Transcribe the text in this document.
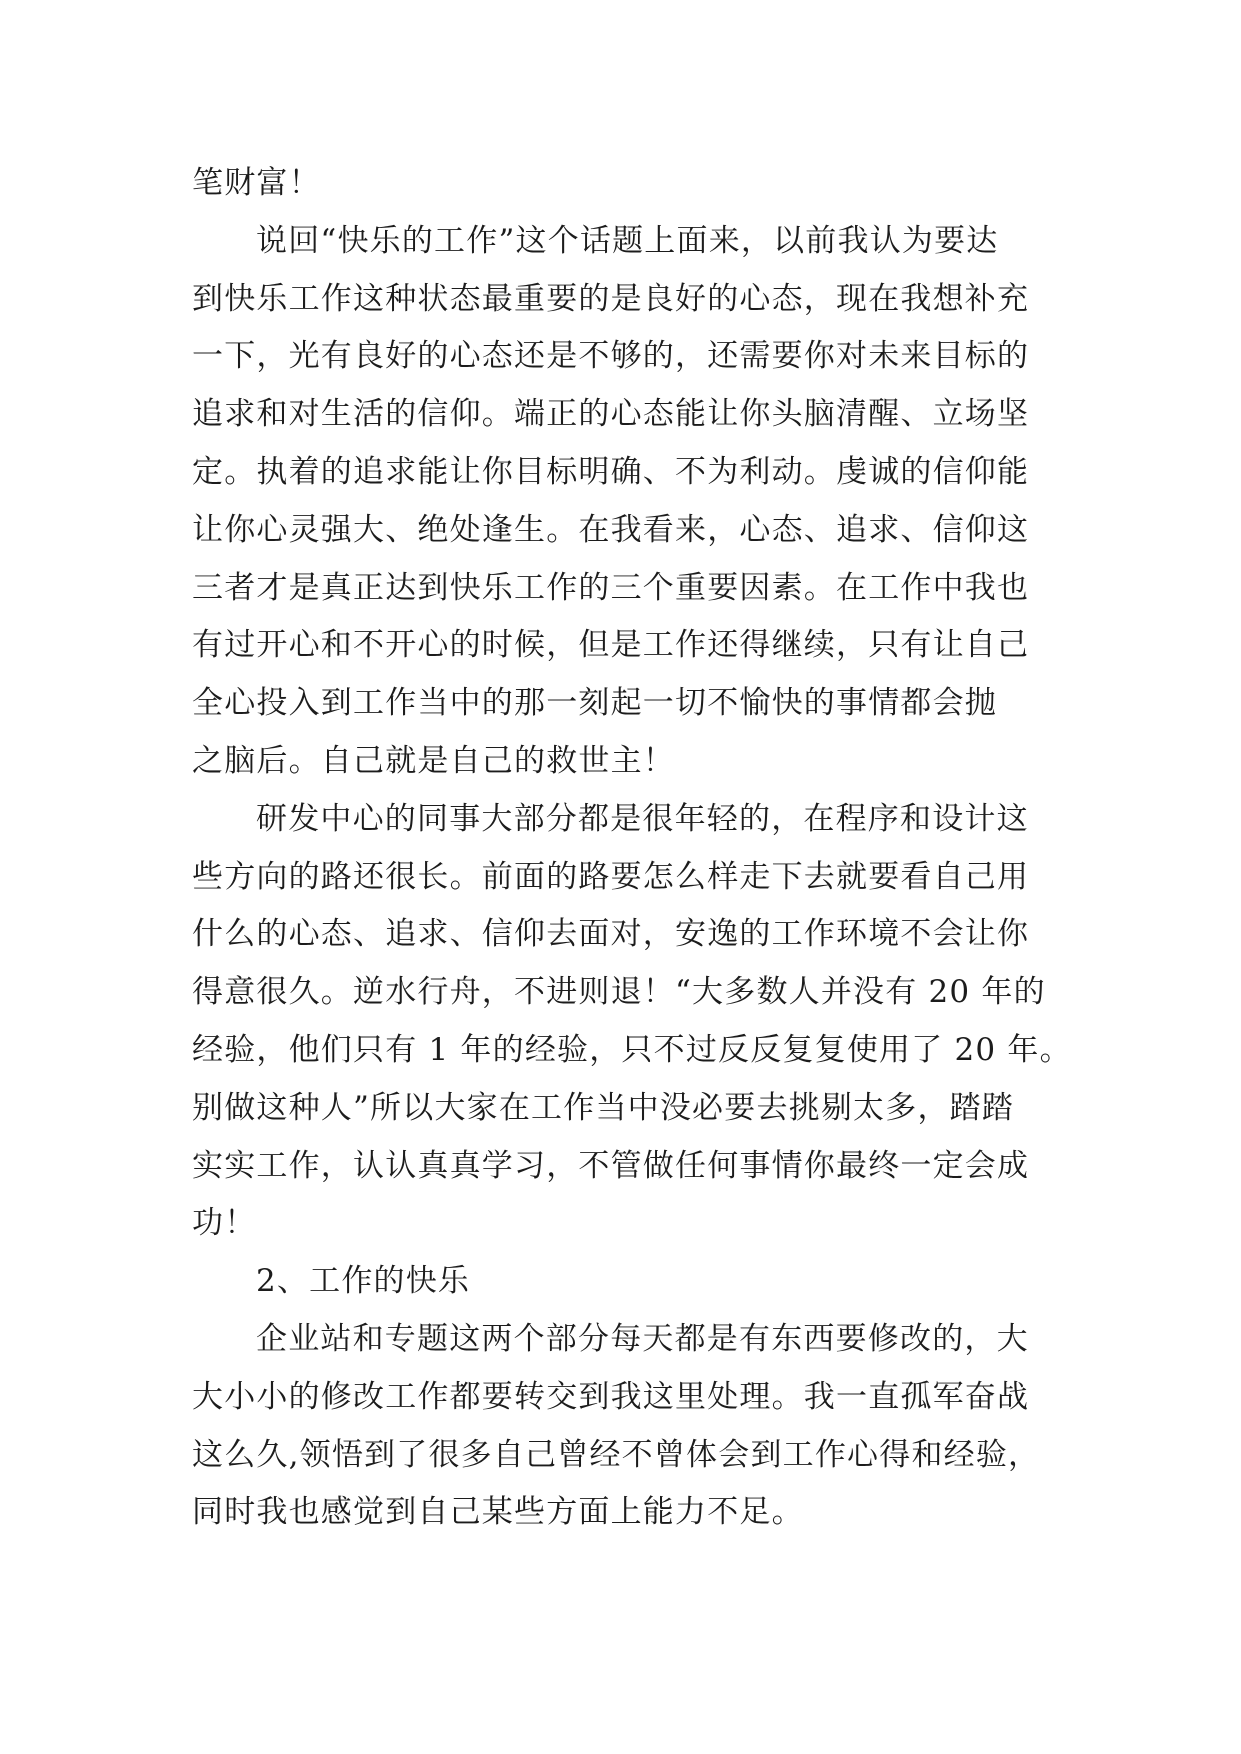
笔财富！
说回“快乐的工作”这个话题上面来，以前我认为要达
到快乐工作这种状态最重要的是良好的心态，现在我想补充
一下，光有良好的心态还是不够的，还需要你对未来目标的
追求和对生活的信仰。端正的心态能让你头脑清醒、立场坚
定。执着的追求能让你目标明确、不为利动。虔诚的信仰能
让你心灵强大、绝处逢生。在我看来，心态、追求、信仰这
三者才是真正达到快乐工作的三个重要因素。在工作中我也
有过开心和不开心的时候，但是工作还得继续，只有让自己
全心投入到工作当中的那一刻起一切不愉快的事情都会抛
之脑后。自己就是自己的救世主！
研发中心的同事大部分都是很年轻的，在程序和设计这
些方向的路还很长。前面的路要怎么样走下去就要看自己用
什么的心态、追求、信仰去面对，安逸的工作环境不会让你
得意很久。逆水行舟，不进则退！“大多数人并没有 20 年的
经验，他们只有 1 年的经验，只不过反反复复使用了 20 年。
别做这种人”所以大家在工作当中没必要去挑剔太多，踏踏
实实工作，认认真真学习，不管做任何事情你最终一定会成
功！
2、工作的快乐
企业站和专题这两个部分每天都是有东西要修改的，大
大小小的修改工作都要转交到我这里处理。我一直孤军奋战
这么久,领悟到了很多自己曾经不曾体会到工作心得和经验，
同时我也感觉到自己某些方面上能力不足。
